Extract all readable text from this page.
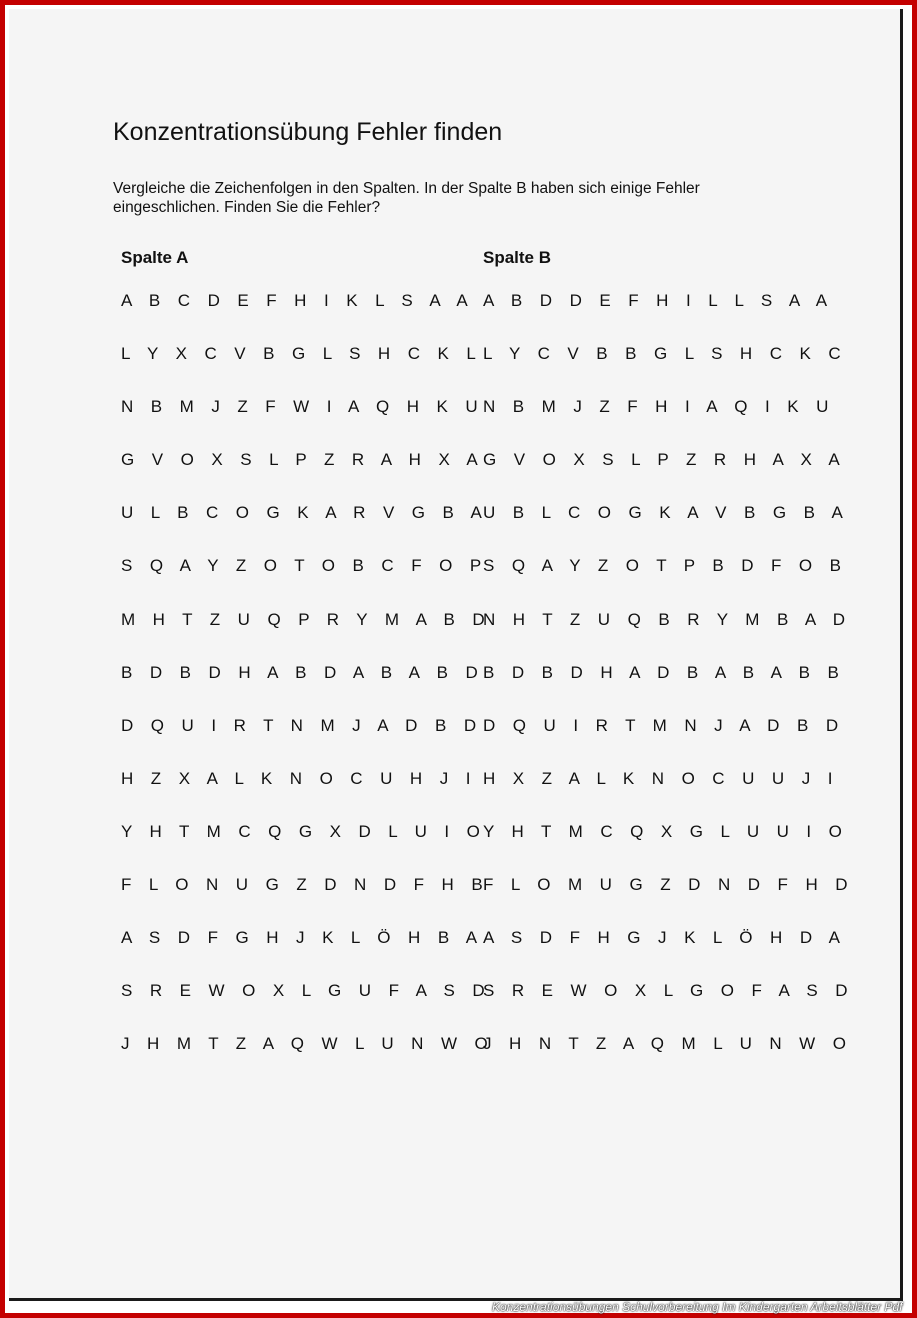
Konzentrationsübung Fehler finden
Vergleiche die Zeichenfolgen in den Spalten. In der Spalte B haben sich einige Fehler eingeschlichen. Finden Sie die Fehler?
Spalte A	Spalte B
A B C D E F H I K L S A A
L Y X C V B G L S H C K L
N B M J Z F W I A Q H K U
G V O X S L P Z R A H X A
U L B C O G K A R V G B A
S Q A Y Z O T O B C F O P
M H T Z U Q P R Y M A B D
B D B D H A B D A B A B D
D Q U I R T N M J A D B D
H Z X A L K N O C U H J I
Y H T M C Q G X D L U I O
F L O N U G Z D N D F H B
A S D F G H J K L Ö H B A
S R E W O X L G U F A S D
J H M T Z A Q W L U N W O
A B D D E F H I L L S A A
L Y C V B B G L S H C K C
N B M J Z F H I A Q I K U
G V O X S L P Z R H A X A
U B L C O G K A V B G B A
S Q A Y Z O T P B D F O B
N H T Z U Q B R Y M B A D
B D B D H A D B A B A B B
D Q U I R T M N J A D B D
H X Z A L K N O C U U J I
Y H T M C Q X G L U U I O
F L O M U G Z D N D F H D
A S D F H G J K L Ö H D A
S R E W O X L G O F A S D
J H N T Z A Q M L U N W O
Konzentrationsübungen Schulvorbereitung Im Kindergarten Arbeitsblätter Pdf
